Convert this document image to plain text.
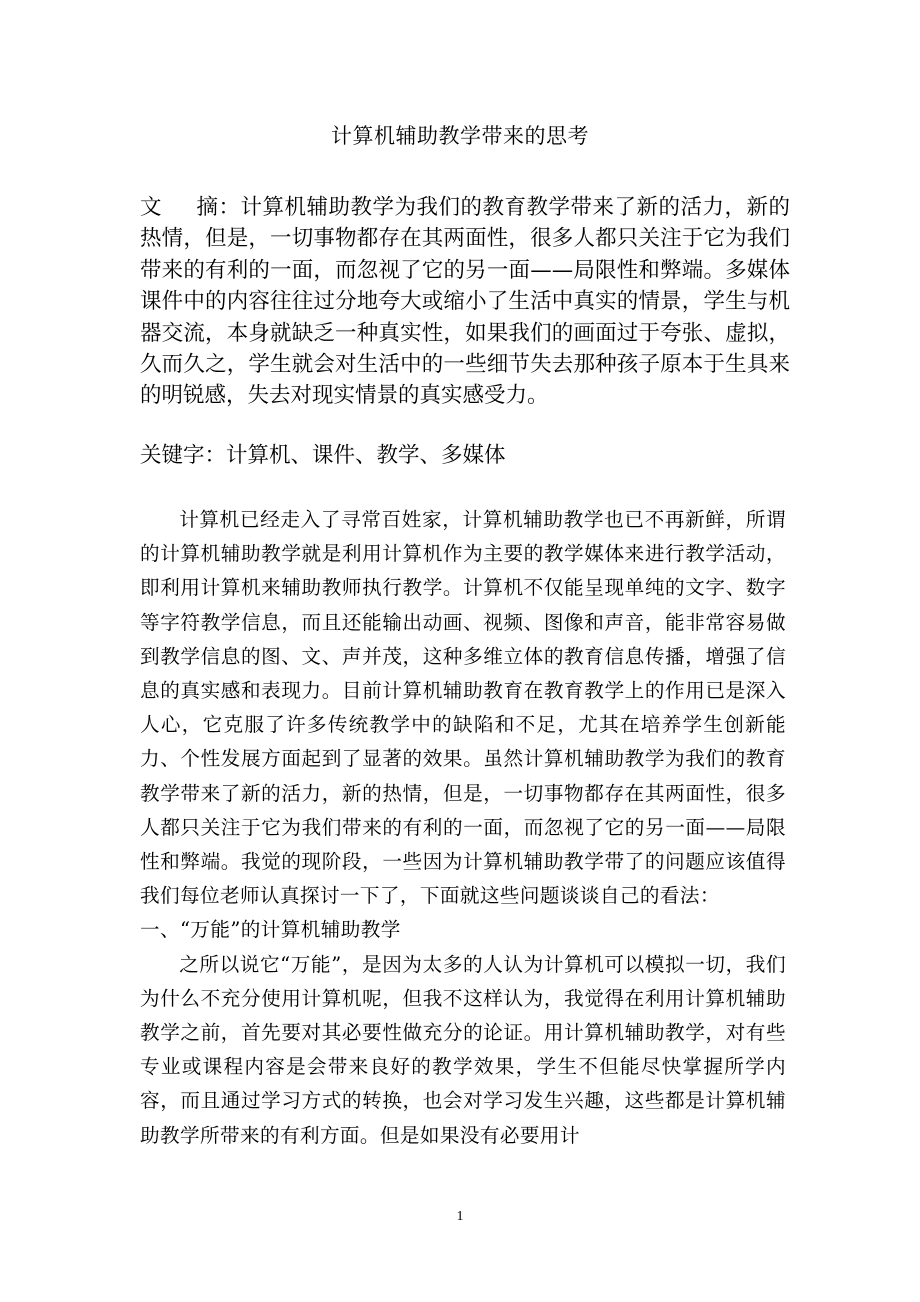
计算机辅助教学带来的思考
文 摘：计算机辅助教学为我们的教育教学带来了新的活力，新的热情，但是，一切事物都存在其两面性，很多人都只关注于它为我们带来的有利的一面，而忽视了它的另一面——局限性和弊端。多媒体课件中的内容往往过分地夸大或缩小了生活中真实的情景，学生与机器交流，本身就缺乏一种真实性，如果我们的画面过于夸张、虚拟，久而久之，学生就会对生活中的一些细节失去那种孩子原本于生具来的明锐感，失去对现实情景的真实感受力。
关键字：计算机、课件、教学、多媒体

计算机已经走入了寻常百姓家，计算机辅助教学也已不再新鲜，所谓的计算机辅助教学就是利用计算机作为主要的教学媒体来进行教学活动，即利用计算机来辅助教师执行教学。计算机不仅能呈现单纯的文字、数字等字符教学信息，而且还能输出动画、视频、图像和声音，能非常容易做到教学信息的图、文、声并茂，这种多维立体的教育信息传播，增强了信息的真实感和表现力。目前计算机辅助教育在教育教学上的作用已是深入人心，它克服了许多传统教学中的缺陷和不足，尤其在培养学生创新能力、个性发展方面起到了显著的效果。虽然计算机辅助教学为我们的教育教学带来了新的活力，新的热情，但是，一切事物都存在其两面性，很多人都只关注于它为我们带来的有利的一面，而忽视了它的另一面——局限性和弊端。我觉的现阶段，一些因为计算机辅助教学带了的问题应该值得我们每位老师认真探讨一下了，下面就这些问题谈谈自己的看法：

一、“万能”的计算机辅助教学

之所以说它“万能”，是因为太多的人认为计算机可以模拟一切，我们为什么不充分使用计算机呢，但我不这样认为，我觉得在利用计算机辅助教学之前，首先要对其必要性做充分的论证。用计算机辅助教学，对有些专业或课程内容是会带来良好的教学效果，学生不但能尽快掌握所学内容，而且通过学习方式的转换，也会对学习发生兴趣，这些都是计算机辅助教学所带来的有利方面。但是如果没有必要用计

1
